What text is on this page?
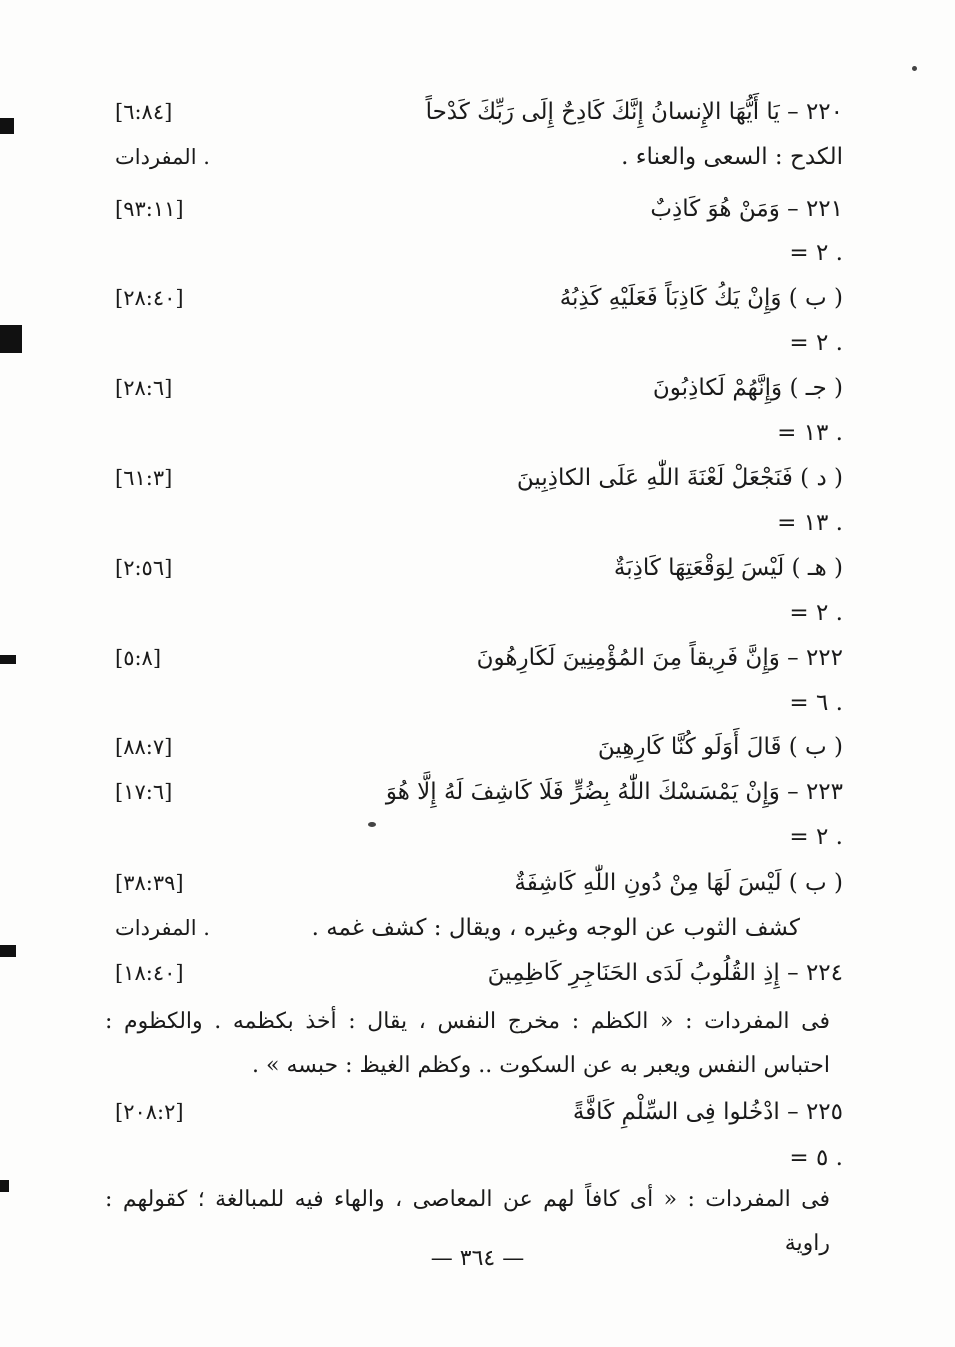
٢٢٠ – يَا أَيُّهَا الإِنسانُ إِنَّكَ كَادِحٌ إِلَى رَبِّكَ كَدْحاً
[٦:٨٤]
الكدح : السعى والعناء .
المفردات .
٢٢١ – وَمَنْ هُوَ كَاذِبٌ
[٩٣:١١]
. ٢ =
( ب ) وَإِنْ يَكُ كَاذِبَاً فَعَلَيْهِ كَذِبُهُ
[٢٨:٤٠]
. ٢ =
( جـ ) وَإِنَّهُمْ لَكاذِبُونَ
[٢٨:٦]
. ١٣ =
( د ) فَنَجْعَلْ لَعْنَةَ اللّٰهِ عَلَى الكاذِبِينَ
[٦١:٣]
. ١٣ =
( هـ ) لَيْسَ لِوَقْعَتِهَا كَاذِبَةٌ
[٢:٥٦]
. ٢ =
٢٢٢ – وَإِنَّ فَرِيقاً مِنَ المُؤْمِنِينَ لَكَارِهُونَ
[٥:٨]
. ٦ =
( ب ) قَالَ أَوَلَو كُنَّا كَارِهِينَ
[٨٨:٧]
٢٢٣ – وَإِنْ يَمْسَسْكَ اللّٰهُ بِضُرٍّ فَلَا كَاشِفَ لَهُ إِلَّا هُوَ
[١٧:٦]
. ٢ =
( ب ) لَيْسَ لَهَا مِنْ دُونِ اللّٰهِ كَاشِفَةٌ
[٣٨:٣٩]
كشف الثوب عن الوجه وغيره ، ويقال : كشف غمه .
المفردات .
٢٢٤ – إِذِ القُلُوبُ لَدَى الحَنَاجِرِ كَاظِمِينَ
[١٨:٤٠]
فى المفردات : « الكظم : مخرج النفس ، يقال : أخذ بكظمه . والكظوم : احتباس النفس ويعبر به عن السكوت .. وكظم الغيظ : حبسه » .
٢٢٥ – ادْخُلوا فِى السِّلْمِ كَافَّةً
[٢٠٨:٢]
. ٥ =
فى المفردات : « أى كافاً لهم عن المعاصى ، والهاء فيه للمبالغة ؛ كقولهم : راوية
— ٣٦٤ —
